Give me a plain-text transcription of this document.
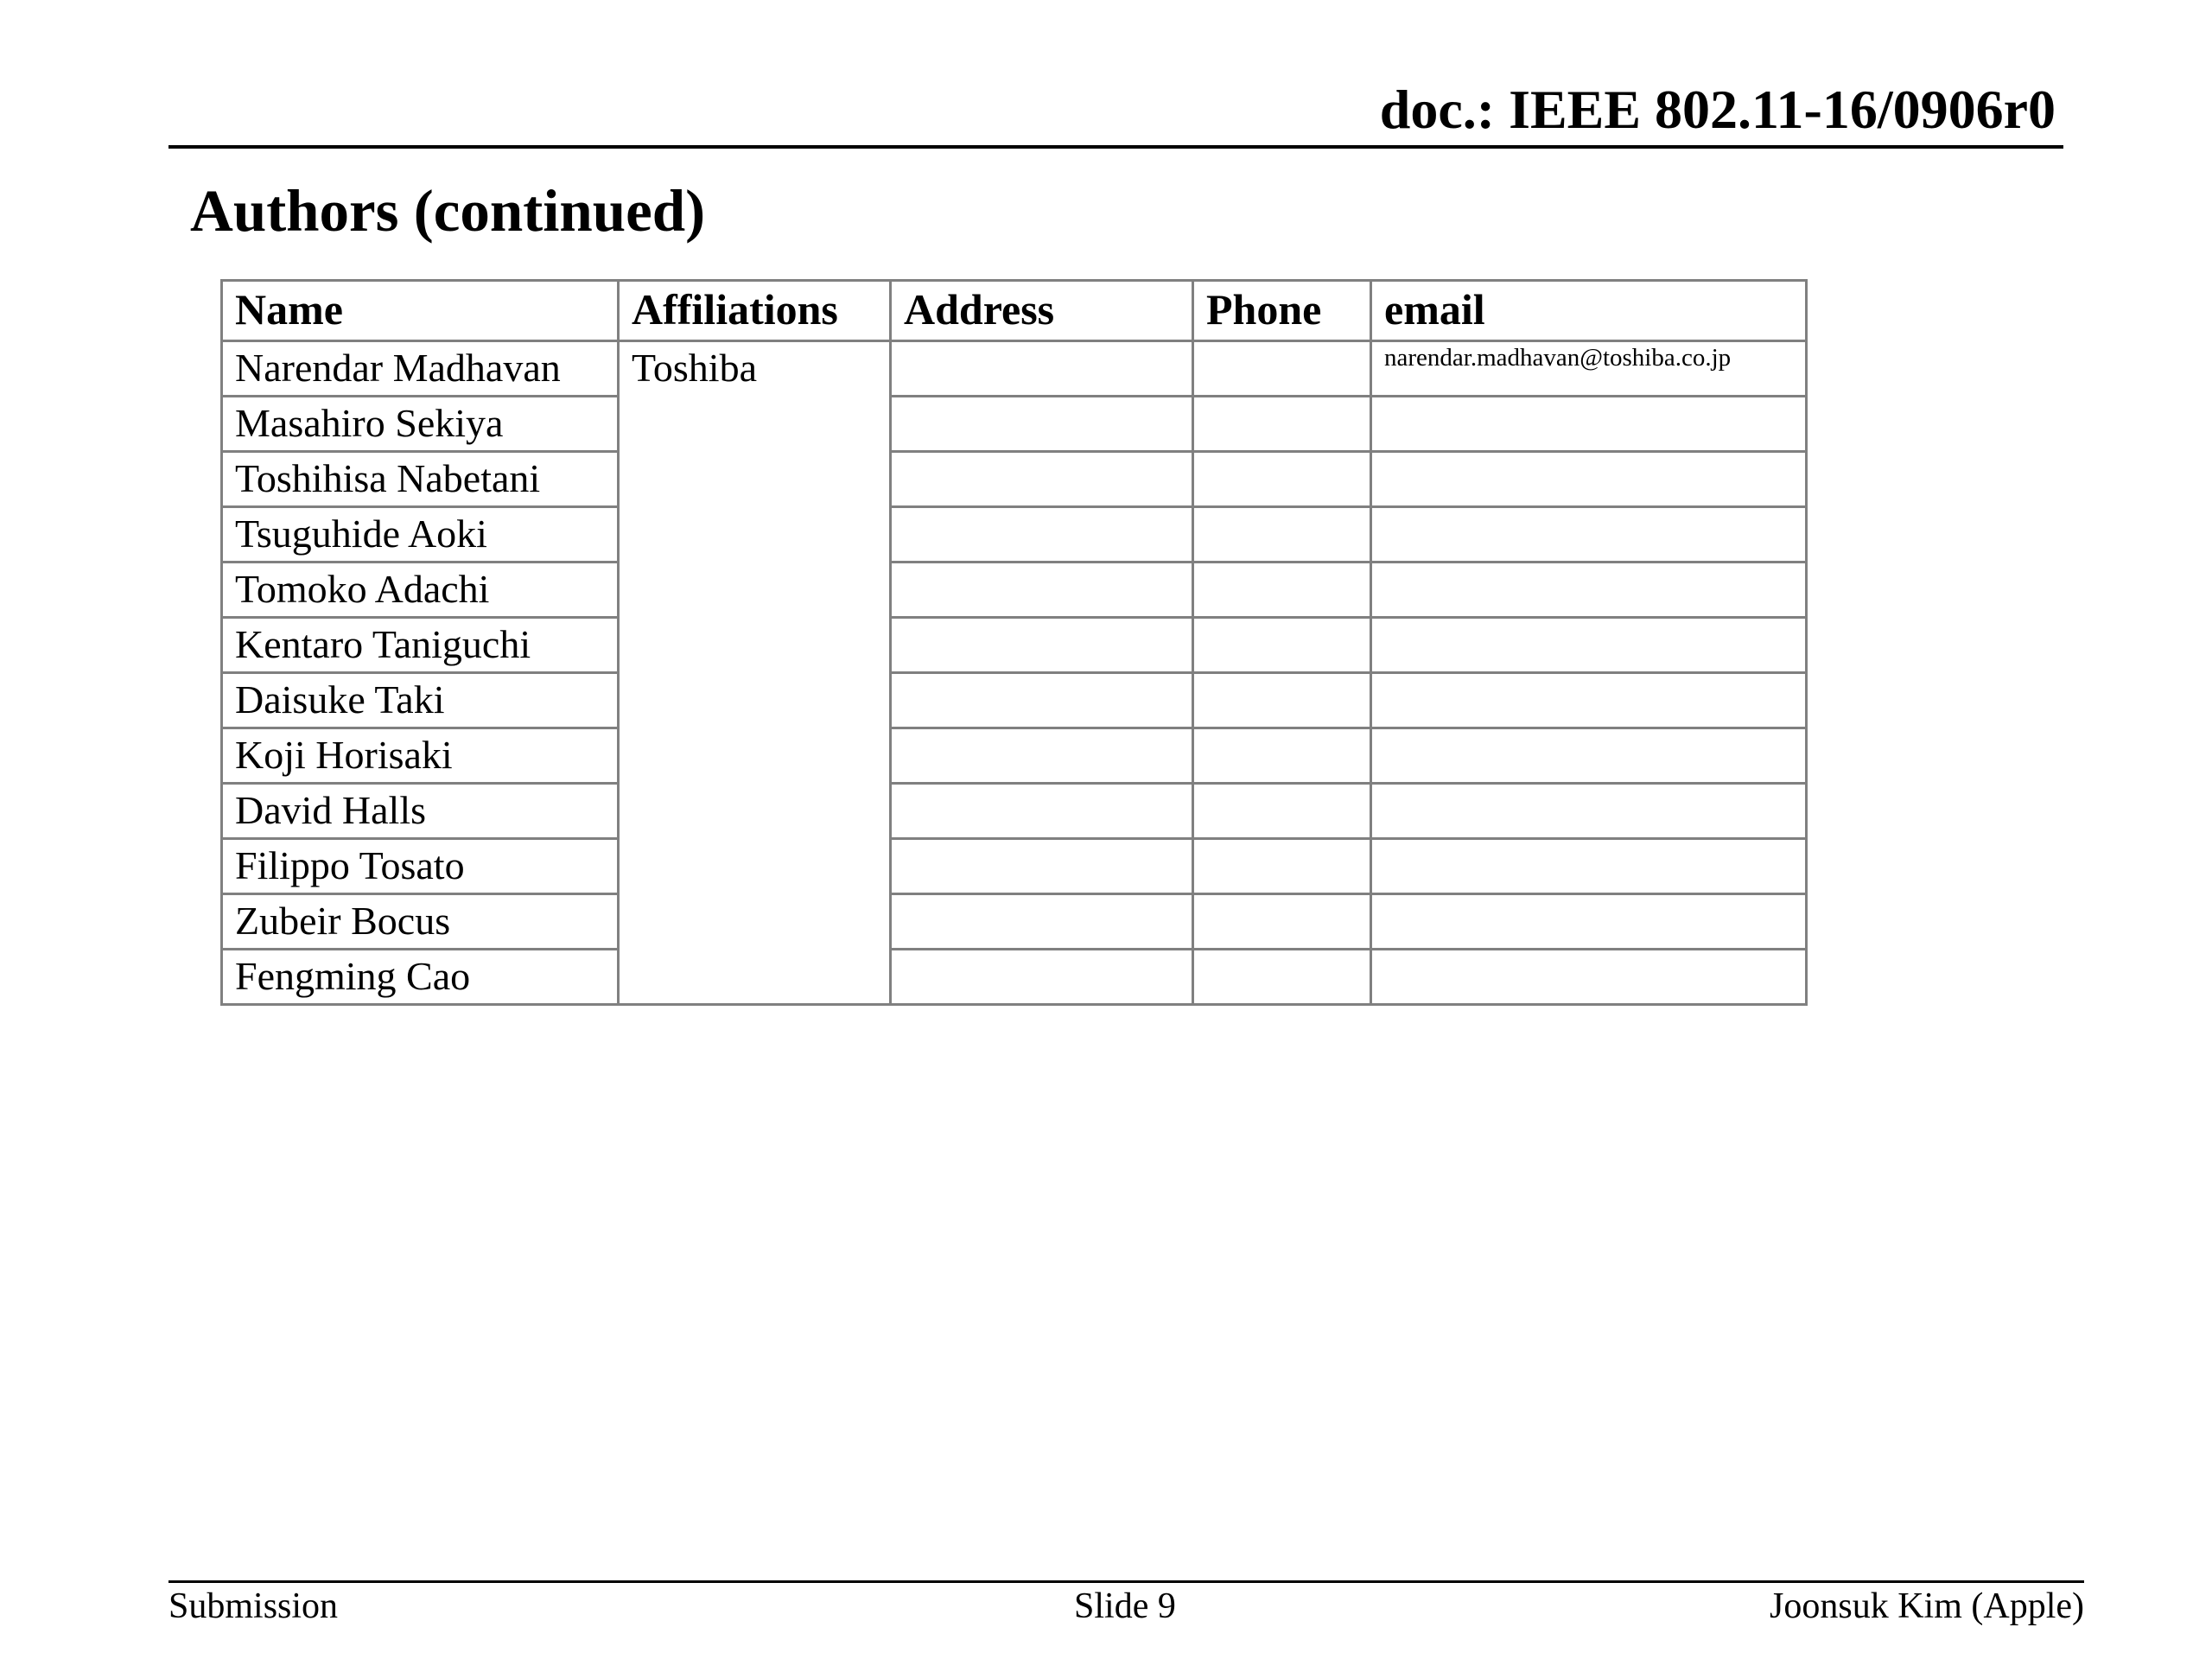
doc.: IEEE 802.11-16/0906r0
Authors (continued)
Name	Affiliations	Address	Phone	email
Narendar Madhavan	Toshiba			narendar.madhavan@toshiba.co.jp
Masahiro Sekiya				
Toshihisa Nabetani				
Tsuguhide Aoki				
Tomoko Adachi				
Kentaro Taniguchi				
Daisuke Taki				
Koji Horisaki				
David Halls				
Filippo Tosato				
Zubeir Bocus				
Fengming Cao				
Submission	Slide 9	Joonsuk Kim (Apple)
